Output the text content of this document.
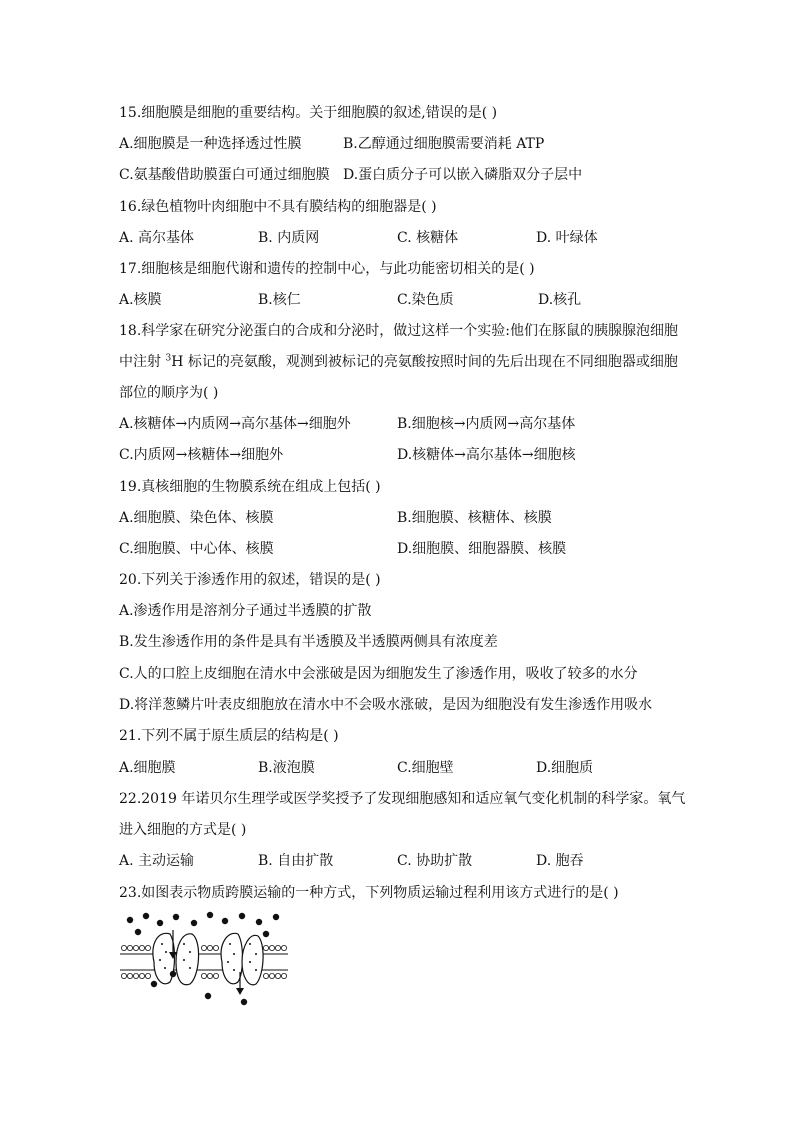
15.细胞膜是细胞的重要结构。关于细胞膜的叙述,错误的是( )
A.细胞膜是一种选择透过性膜	B.乙醇通过细胞膜需要消耗 ATP
C.氨基酸借助膜蛋白可通过细胞膜 D.蛋白质分子可以嵌入磷脂双分子层中
16.绿色植物叶肉细胞中不具有膜结构的细胞器是( )
A. 高尔基体	B. 内质网	C. 核糖体	D. 叶绿体
17.细胞核是细胞代谢和遗传的控制中心，与此功能密切相关的是( )
A.核膜	B.核仁	C.染色质	D.核孔
18.科学家在研究分泌蛋白的合成和分泌时，做过这样一个实验:他们在豚鼠的胰腺腺泡细胞
中注射 $^3$H 标记的亮氨酸，观测到被标记的亮氨酸按照时间的先后出现在不同细胞器或细胞
部位的顺序为( )
A.核糖体→内质网→高尔基体→细胞外	B.细胞核→内质网→高尔基体
C.内质网→核糖体→细胞外	D.核糖体→高尔基体→细胞核
19.真核细胞的生物膜系统在组成上包括( )
A.细胞膜、染色体、核膜	B.细胞膜、核糖体、核膜
C.细胞膜、中心体、核膜	D.细胞膜、细胞器膜、核膜
20.下列关于渗透作用的叙述，错误的是( )
A.渗透作用是溶剂分子通过半透膜的扩散
B.发生渗透作用的条件是具有半透膜及半透膜两侧具有浓度差
C.人的口腔上皮细胞在清水中会涨破是因为细胞发生了渗透作用，吸收了较多的水分
D.将洋葱鳞片叶表皮细胞放在清水中不会吸水涨破，是因为细胞没有发生渗透作用吸水
21.下列不属于原生质层的结构是( )
A.细胞膜	B.液泡膜	C.细胞壁	D.细胞质
22.2019 年诺贝尔生理学或医学奖授予了发现细胞感知和适应氧气变化机制的科学家。氧气
进入细胞的方式是( )
A. 主动运输	B. 自由扩散	C. 协助扩散	D. 胞吞
23.如图表示物质跨膜运输的一种方式，下列物质运输过程利用该方式进行的是( )
